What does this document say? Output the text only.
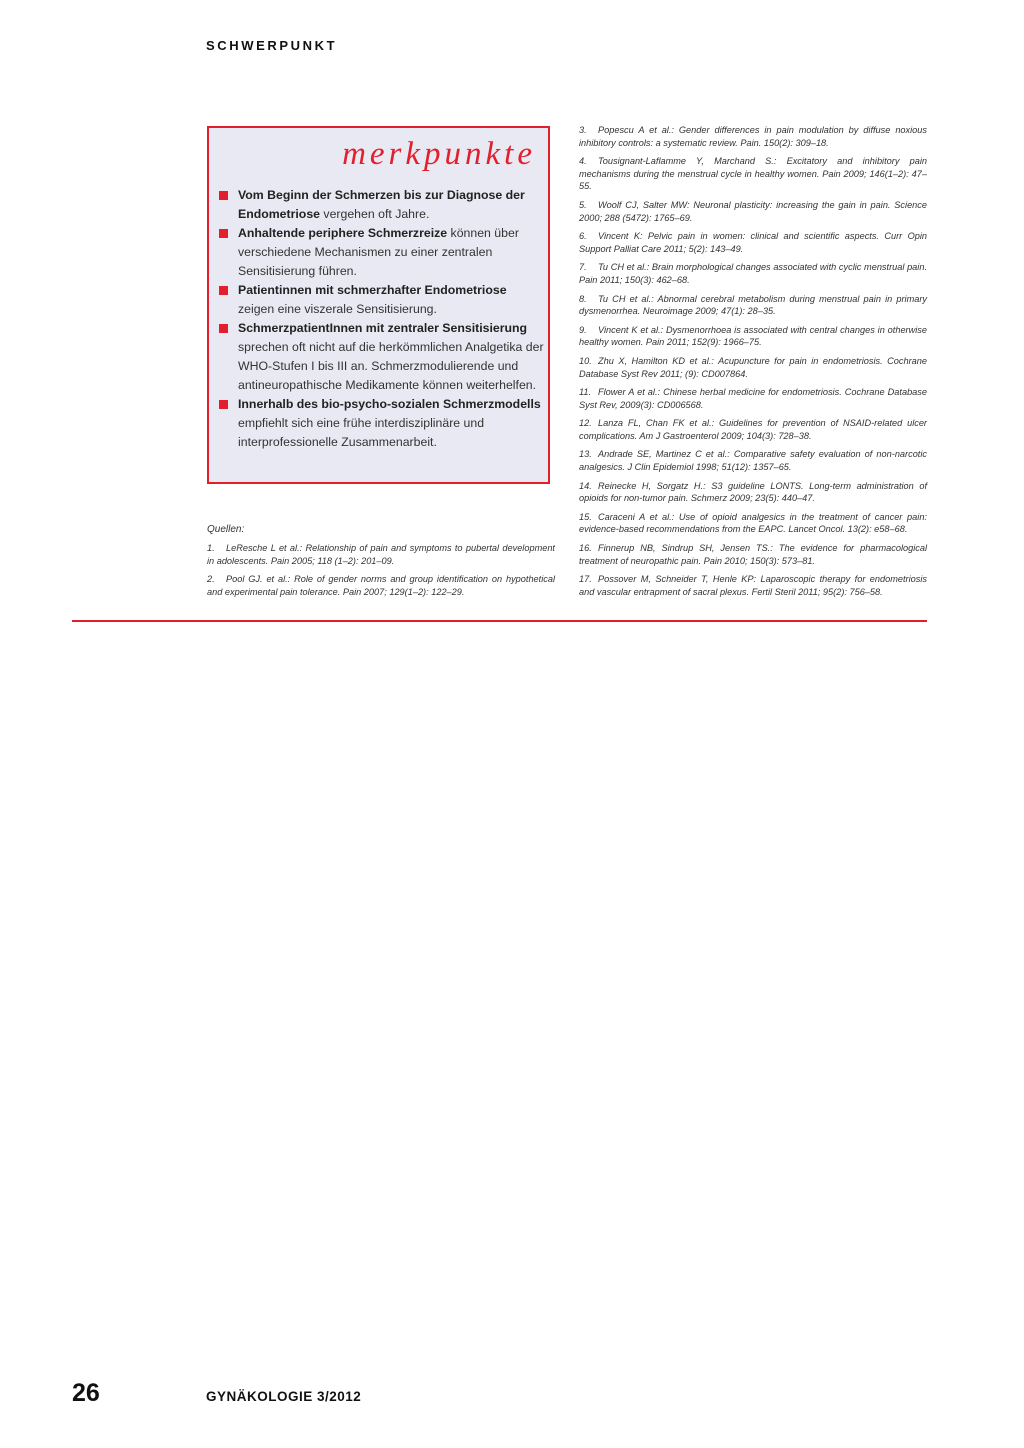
SCHWERPUNKT
merkpunkte
Vom Beginn der Schmerzen bis zur Diagnose der Endometriose vergehen oft Jahre.
Anhaltende periphere Schmerzreize können über verschiedene Mechanismen zu einer zentralen Sensitisierung führen.
Patientinnen mit schmerzhafter Endometriose zeigen eine viszerale Sensitisierung.
SchmerzpatientInnen mit zentraler Sensitisierung sprechen oft nicht auf die herkömmlichen Analgetika der WHO-Stufen I bis III an. Schmerzmodulierende und antineuropathische Medikamente können weiterhelfen.
Innerhalb des bio-psycho-sozialen Schmerzmodells empfiehlt sich eine frühe interdisziplinäre und interprofessionelle Zusammenarbeit.
Quellen:

1. LeResche L et al.: Relationship of pain and symptoms to pubertal development in adolescents. Pain 2005; 118 (1–2): 201–09.

2. Pool GJ. et al.: Role of gender norms and group identification on hypothetical and experimental pain tolerance. Pain 2007; 129(1–2): 122–29.

3. Popescu A et al.: Gender differences in pain modulation by diffuse noxious inhibitory controls: a systematic review. Pain. 150(2): 309–18.

4. Tousignant-Laflamme Y, Marchand S.: Excitatory and inhibitory pain mechanisms during the menstrual cycle in healthy women. Pain 2009; 146(1–2): 47–55.

5. Woolf CJ, Salter MW: Neuronal plasticity: increasing the gain in pain. Science 2000; 288 (5472): 1765–69.

6. Vincent K: Pelvic pain in women: clinical and scientific aspects. Curr Opin Support Palliat Care 2011; 5(2): 143–49.

7. Tu CH et al.: Brain morphological changes associated with cyclic menstrual pain. Pain 2011; 150(3): 462–68.

8. Tu CH et al.: Abnormal cerebral metabolism during menstrual pain in primary dysmenorrhea. Neuroimage 2009; 47(1): 28–35.

9. Vincent K et al.: Dysmenorrhoea is associated with central changes in otherwise healthy women. Pain 2011; 152(9): 1966–75.

10. Zhu X, Hamilton KD et al.: Acupuncture for pain in endometriosis. Cochrane Database Syst Rev 2011; (9): CD007864.

11. Flower A et al.: Chinese herbal medicine for endometriosis. Cochrane Database Syst Rev, 2009(3): CD006568.

12. Lanza FL, Chan FK et al.: Guidelines for prevention of NSAID-related ulcer complications. Am J Gastroenterol 2009; 104(3): 728–38.

13. Andrade SE, Martinez C et al.: Comparative safety evaluation of non-narcotic analgesics. J Clin Epidemiol 1998; 51(12): 1357–65.

14. Reinecke H, Sorgatz H.: S3 guideline LONTS. Long-term administration of opioids for non-tumor pain. Schmerz 2009; 23(5): 440–47.

15. Caraceni A et al.: Use of opioid analgesics in the treatment of cancer pain: evidence-based recommendations from the EAPC. Lancet Oncol. 13(2): e58–68.

16. Finnerup NB, Sindrup SH, Jensen TS.: The evidence for pharmacological treatment of neuropathic pain. Pain 2010; 150(3): 573–81.

17. Possover M, Schneider T, Henle KP: Laparoscopic therapy for endometriosis and vascular entrapment of sacral plexus. Fertil Steril 2011; 95(2): 756–58.

26	GYNÄKOLOGIE 3/2012
